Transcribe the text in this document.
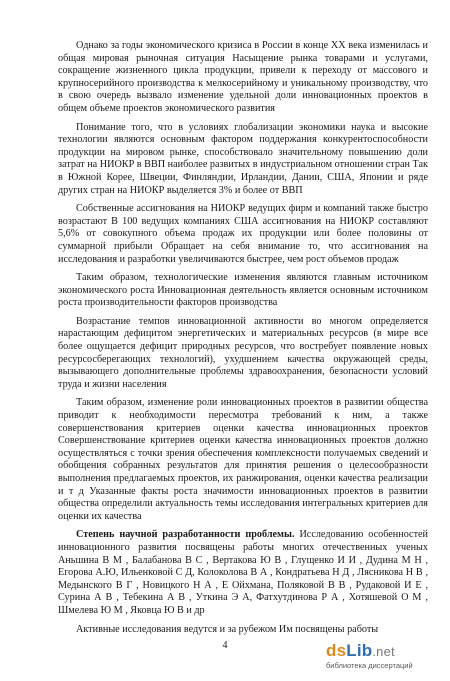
Однако за годы экономического кризиса в России в конце ХХ века изменилась и общая мировая рыночная ситуация Насыщение рынка товарами и услугами, сокращение жизненного цикла продукции, привели к переходу от массового и крупносерийного производства к мелкосерийному и уникальному производству, что в свою очередь вызвало изменение удельной доли инновационных проектов в общем объеме проектов экономического развития

Понимание того, что в условиях глобализации экономики наука и высокие технологии являются основным фактором поддержания конкурентоспособности продукции на мировом рынке, способствовало значительному повышению доли затрат на НИОКР в ВВП наиболее развитых в индустриальном отношении стран Так в Южной Корее, Швеции, Финляндии, Ирландии, Дании, США, Японии и ряде других стран на НИОКР выделяется 3% и более от ВВП

Собственные ассигнования на НИОКР ведущих фирм и компаний также быстро возрастают В 100 ведущих компаниях США ассигнования на НИОКР составляют 5,6% от совокупного объема продаж их продукции или более половины от суммарной прибыли Обращает на себя внимание то, что ассигнования на исследования и разработки увеличиваются быстрее, чем рост объемов продаж

Таким образом, технологические изменения являются главным источником экономического роста Инновационная деятельность является основным источником роста производительности факторов производства

Возрастание темпов инновационной активности во многом определяется нарастающим дефицитом энергетических и материальных ресурсов (в мире все более ощущается дефицит природных ресурсов, что востребует появление новых ресурсосберегающих технологий), ухудшением качества окружающей среды, вызывающего дополнительные проблемы здравоохранения, безопасности условий труда и жизни населения

Таким образом, изменение роли инновационных проектов в развитии общества приводит к необходимости пересмотра требований к ним, а также совершенствования критериев оценки качества инновационных проектов Совершенствование критериев оценки качества инновационных проектов должно осуществляться с точки зрения обеспечения комплексности получаемых сведений и обобщения собранных результатов для принятия решения о целесообразности выполнения предлагаемых проектов, их ранжирования, оценки качества реализации и т д Указанные факты роста значимости инновационных проектов в развитии общества определили актуальность темы исследования интегральных критериев для оценки их качества

Степень научной разработанности проблемы. Исследованию особенностей инновационного развития посвящены работы многих отечественных ученых Аньшина В М , Балабанова В С , Вертакова Ю В , Глущенко И И , Дудина М Н , Егорова А.Ю, Ильенковой С Д, Колоколова В А , Кондратьева Н Д , Лясникова Н В , Медынского В Г , Новицкого Н А , Е Ойхмана, Поляковой В В , Рудаковой И Е , Сурина А В , Тебекина А В , Уткина Э А, Фатхутдинова Р А , Хотяшевой О М , Шмелева Ю М , Яковца Ю В и др

Активные исследования ведутся и за рубежом Им посвящены работы

4	dsLib.net
библиотека диссертаций
